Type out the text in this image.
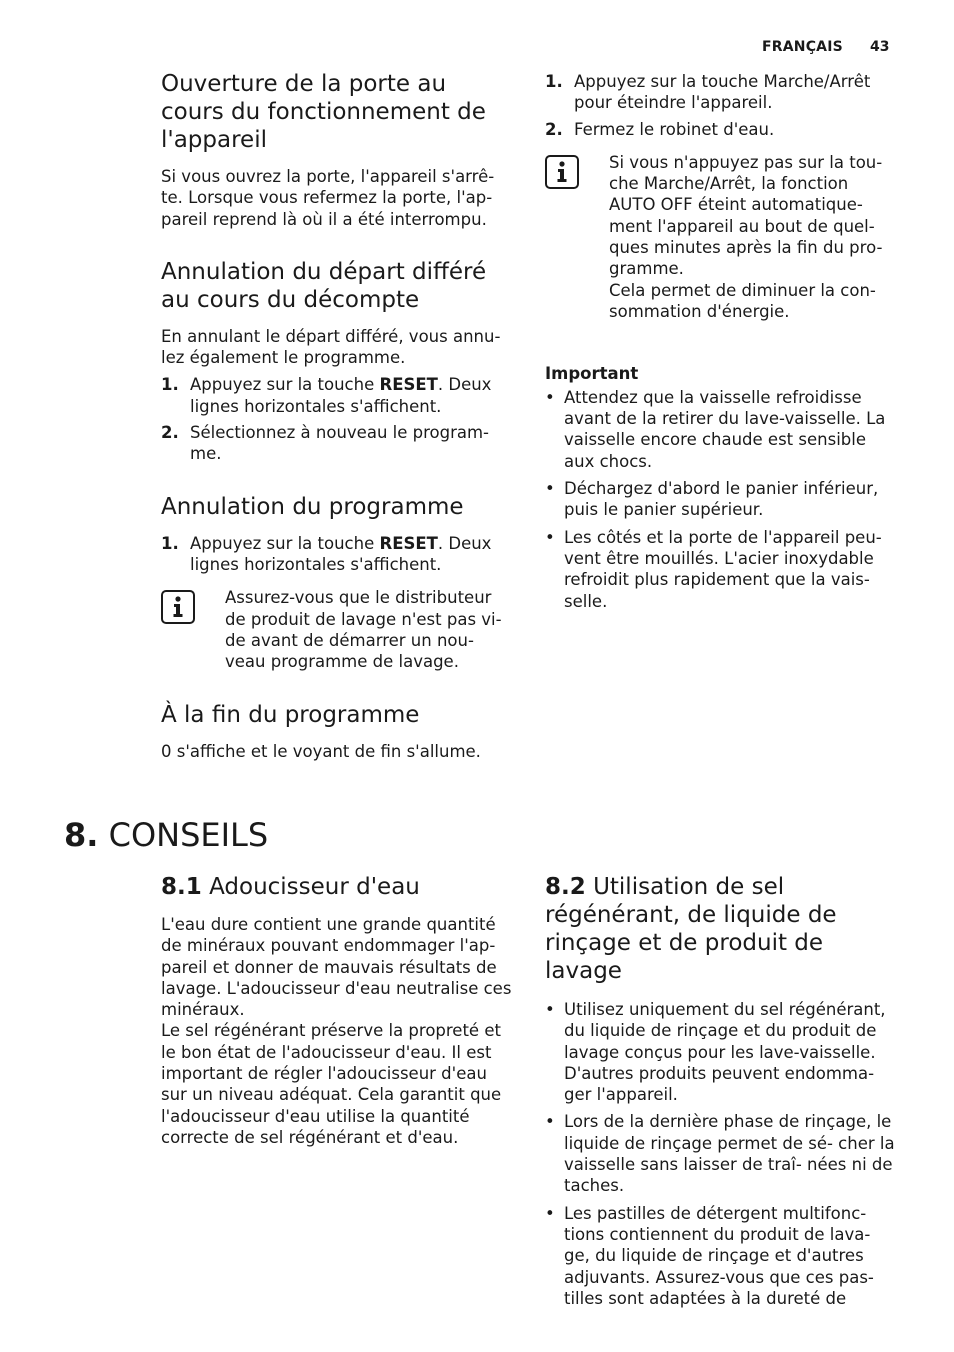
FRANÇAIS 43
Ouverture de la porte au cours du fonctionnement de l'appareil

Si vous ouvrez la porte, l'appareil s'arrê- te. Lorsque vous refermez la porte, l'ap- pareil reprend là où il a été interrompu.

Annulation du départ différé au cours du décompte

En annulant le départ différé, vous annu- lez également le programme.

1. Appuyez sur la touche RESET. Deux lignes horizontales s'affichent.
2. Sélectionnez à nouveau le program- me.
Annulation du programme
1. Appuyez sur la touche RESET. Deux lignes horizontales s'affichent.

Assurez-vous que le distributeur de produit de lavage n'est pas vi- de avant de démarrer un nou- veau programme de lavage.

À la fin du programme

0 s'affiche et le voyant de fin s'allume.

1. Appuyez sur la touche Marche/Arrêt pour éteindre l'appareil.
2. Fermez le robinet d'eau.

Si vous n'appuyez pas sur la tou- che Marche/Arrêt, la fonction AUTO OFF éteint automatique- ment l'appareil au bout de quel- ques minutes après la fin du pro- gramme.

Cela permet de diminuer la con- sommation d'énergie.

Important
• Attendez que la vaisselle refroidisse avant de la retirer du lave-vaisselle. La vaisselle encore chaude est sensible aux chocs.
• Déchargez d'abord le panier inférieur, puis le panier supérieur.
• Les côtés et la porte de l'appareil peu- vent être mouillés. L'acier inoxydable refroidit plus rapidement que la vais- selle.
8. CONSEILS
8.1 Adoucisseur d'eau

L'eau dure contient une grande quantité de minéraux pouvant endommager l'ap- pareil et donner de mauvais résultats de lavage. L'adoucisseur d'eau neutralise ces minéraux.

Le sel régénérant préserve la propreté et le bon état de l'adoucisseur d'eau. Il est important de régler l'adoucisseur d'eau sur un niveau adéquat. Cela garantit que l'adoucisseur d'eau utilise la quantité correcte de sel régénérant et d'eau.

8.2 Utilisation de sel régénérant, de liquide de rinçage et de produit de lavage
• Utilisez uniquement du sel régénérant, du liquide de rinçage et du produit de lavage conçus pour les lave-vaisselle. D'autres produits peuvent endomma- ger l'appareil.
• Lors de la dernière phase de rinçage, le liquide de rinçage permet de sé- cher la vaisselle sans laisser de traî- nées ni de taches.
• Les pastilles de détergent multifonc- tions contiennent du produit de lava- ge, du liquide de rinçage et d'autres adjuvants. Assurez-vous que ces pas- tilles sont adaptées à la dureté de
